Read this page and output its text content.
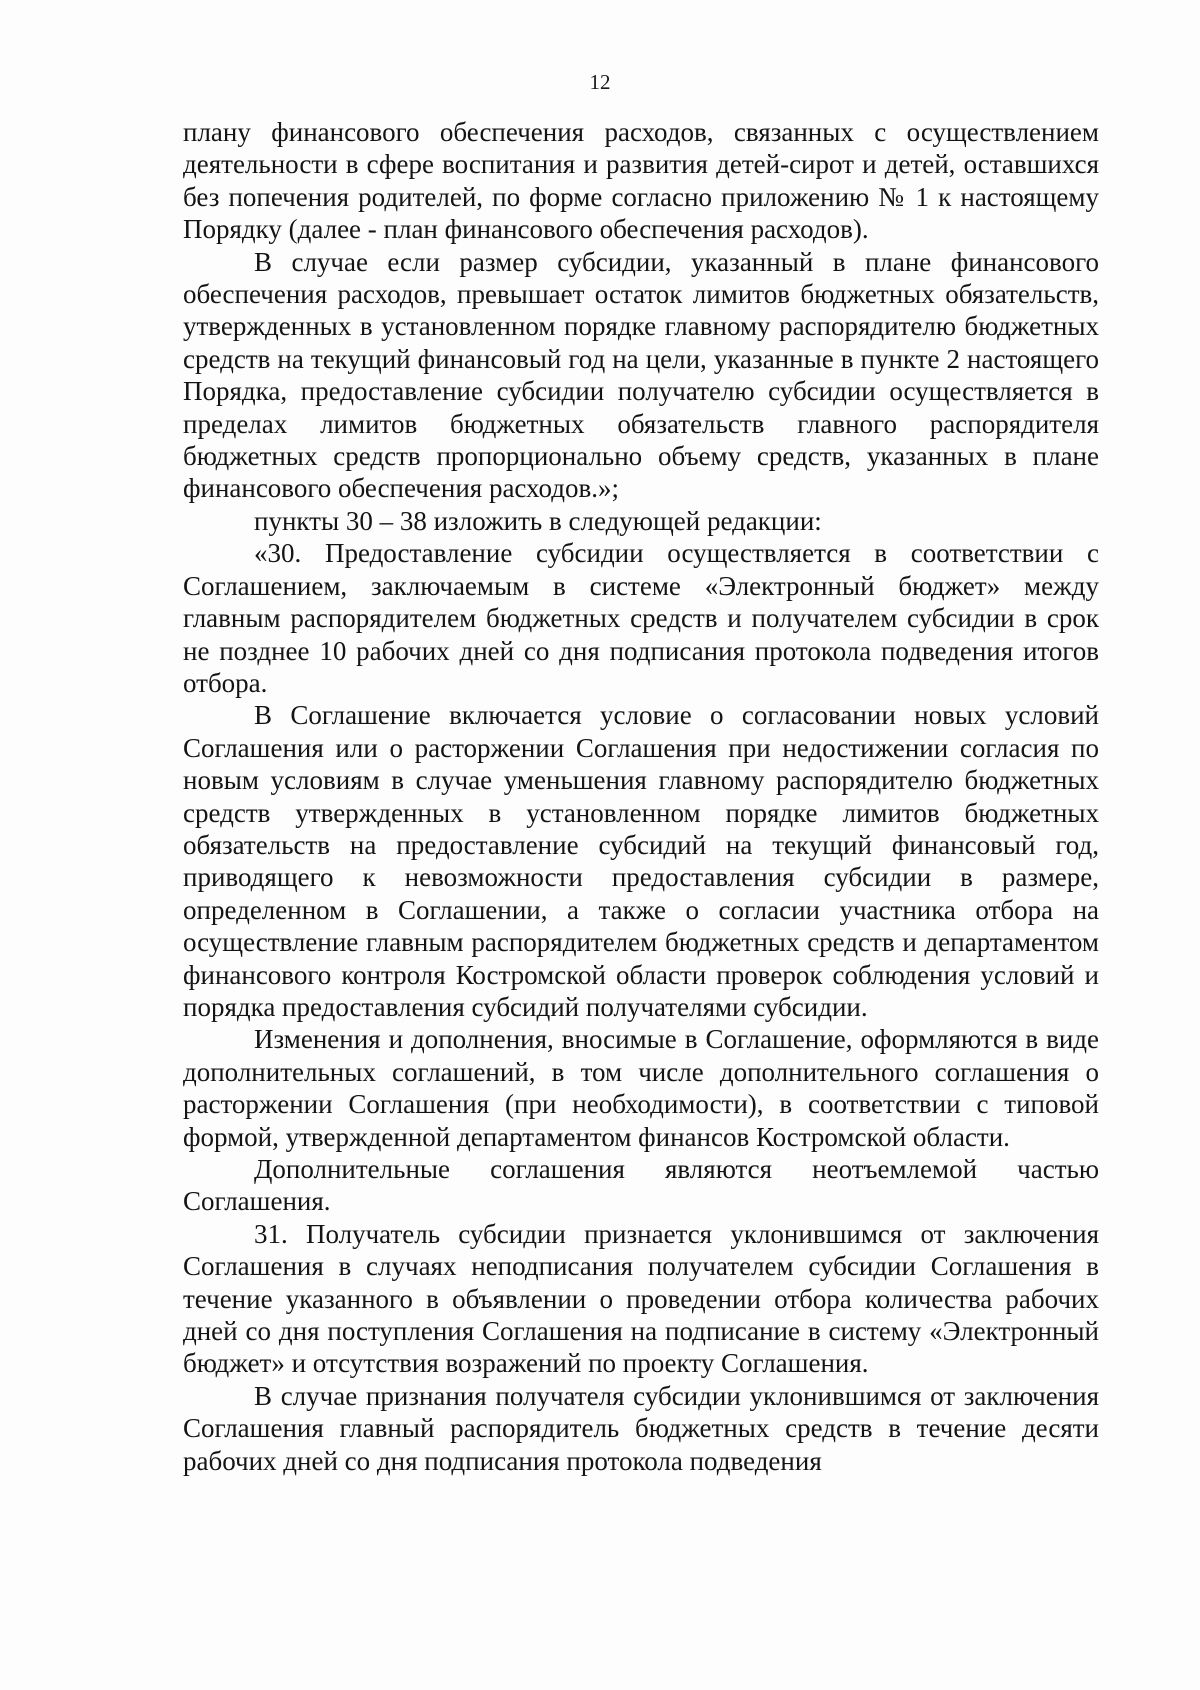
12

плану финансового обеспечения расходов, связанных с осуществлением деятельности в сфере воспитания и развития детей-сирот и детей, оставшихся без попечения родителей, по форме согласно приложению № 1 к настоящему Порядку (далее - план финансового обеспечения расходов).

В случае если размер субсидии, указанный в плане финансового обеспечения расходов, превышает остаток лимитов бюджетных обязательств, утвержденных в установленном порядке главному распорядителю бюджетных средств на текущий финансовый год на цели, указанные в пункте 2 настоящего Порядка, предоставление субсидии получателю субсидии осуществляется в пределах лимитов бюджетных обязательств главного распорядителя бюджетных средств пропорционально объему средств, указанных в плане финансового обеспечения расходов.»;

пункты 30 – 38 изложить в следующей редакции:

«30. Предоставление субсидии осуществляется в соответствии с Соглашением, заключаемым в системе «Электронный бюджет» между главным распорядителем бюджетных средств и получателем субсидии в срок не позднее 10 рабочих дней со дня подписания протокола подведения итогов отбора.

В Соглашение включается условие о согласовании новых условий Соглашения или о расторжении Соглашения при недостижении согласия по новым условиям в случае уменьшения главному распорядителю бюджетных средств утвержденных в установленном порядке лимитов бюджетных обязательств на предоставление субсидий на текущий финансовый год, приводящего к невозможности предоставления субсидии в размере, определенном в Соглашении, а также о согласии участника отбора на осуществление главным распорядителем бюджетных средств и департаментом финансового контроля Костромской области проверок соблюдения условий и порядка предоставления субсидий получателями субсидии.

Изменения и дополнения, вносимые в Соглашение, оформляются в виде дополнительных соглашений, в том числе дополнительного соглашения о расторжении Соглашения (при необходимости), в соответствии с типовой формой, утвержденной департаментом финансов Костромской области.

Дополнительные соглашения являются неотъемлемой частью Соглашения.

31. Получатель субсидии признается уклонившимся от заключения Соглашения в случаях неподписания получателем субсидии Соглашения в течение указанного в объявлении о проведении отбора количества рабочих дней со дня поступления Соглашения на подписание в систему «Электронный бюджет» и отсутствия возражений по проекту Соглашения.

В случае признания получателя субсидии уклонившимся от заключения Соглашения главный распорядитель бюджетных средств в течение десяти рабочих дней со дня подписания протокола подведения
